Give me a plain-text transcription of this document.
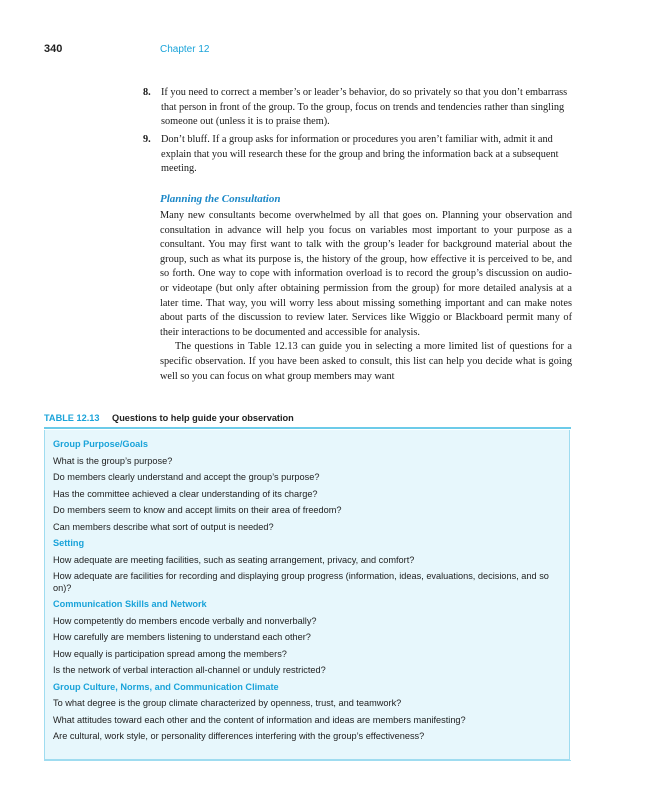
340	Chapter 12
8. If you need to correct a member’s or leader’s behavior, do so privately so that you don’t embarrass that person in front of the group. To the group, focus on trends and tendencies rather than singling someone out (unless it is to praise them).
9. Don’t bluff. If a group asks for information or procedures you aren’t familiar with, admit it and explain that you will research these for the group and bring the information back at a subsequent meeting.
Planning the Consultation

Many new consultants become overwhelmed by all that goes on. Planning your observation and consultation in advance will help you focus on variables most important to your purpose as a consultant. You may first want to talk with the group’s leader for background material about the group, such as what its purpose is, the history of the group, how effective it is perceived to be, and so forth. One way to cope with information overload is to record the group’s discussion on audio- or videotape (but only after obtaining permission from the group) for more detailed analysis at a later time. That way, you will worry less about missing something important and can make notes about parts of the discussion to review later. Services like Wiggio or Blackboard permit many of their interactions to be documented and accessible for analysis.

The questions in Table 12.13 can guide you in selecting a more limited list of questions for a specific observation. If you have been asked to consult, this list can help you decide what is going well so you can focus on what group members may want

TABLE 12.13 Questions to help guide your observation
Group Purpose/Goals
What is the group’s purpose?
Do members clearly understand and accept the group’s purpose?
Has the committee achieved a clear understanding of its charge?
Do members seem to know and accept limits on their area of freedom?
Can members describe what sort of output is needed?
Setting
How adequate are meeting facilities, such as seating arrangement, privacy, and comfort?
How adequate are facilities for recording and displaying group progress (information, ideas, evaluations, decisions, and so on)?
Communication Skills and Network
How competently do members encode verbally and nonverbally?
How carefully are members listening to understand each other?
How equally is participation spread among the members?
Is the network of verbal interaction all-channel or unduly restricted?
Group Culture, Norms, and Communication Climate
To what degree is the group climate characterized by openness, trust, and teamwork?
What attitudes toward each other and the content of information and ideas are members manifesting?
Are cultural, work style, or personality differences interfering with the group’s effectiveness?
